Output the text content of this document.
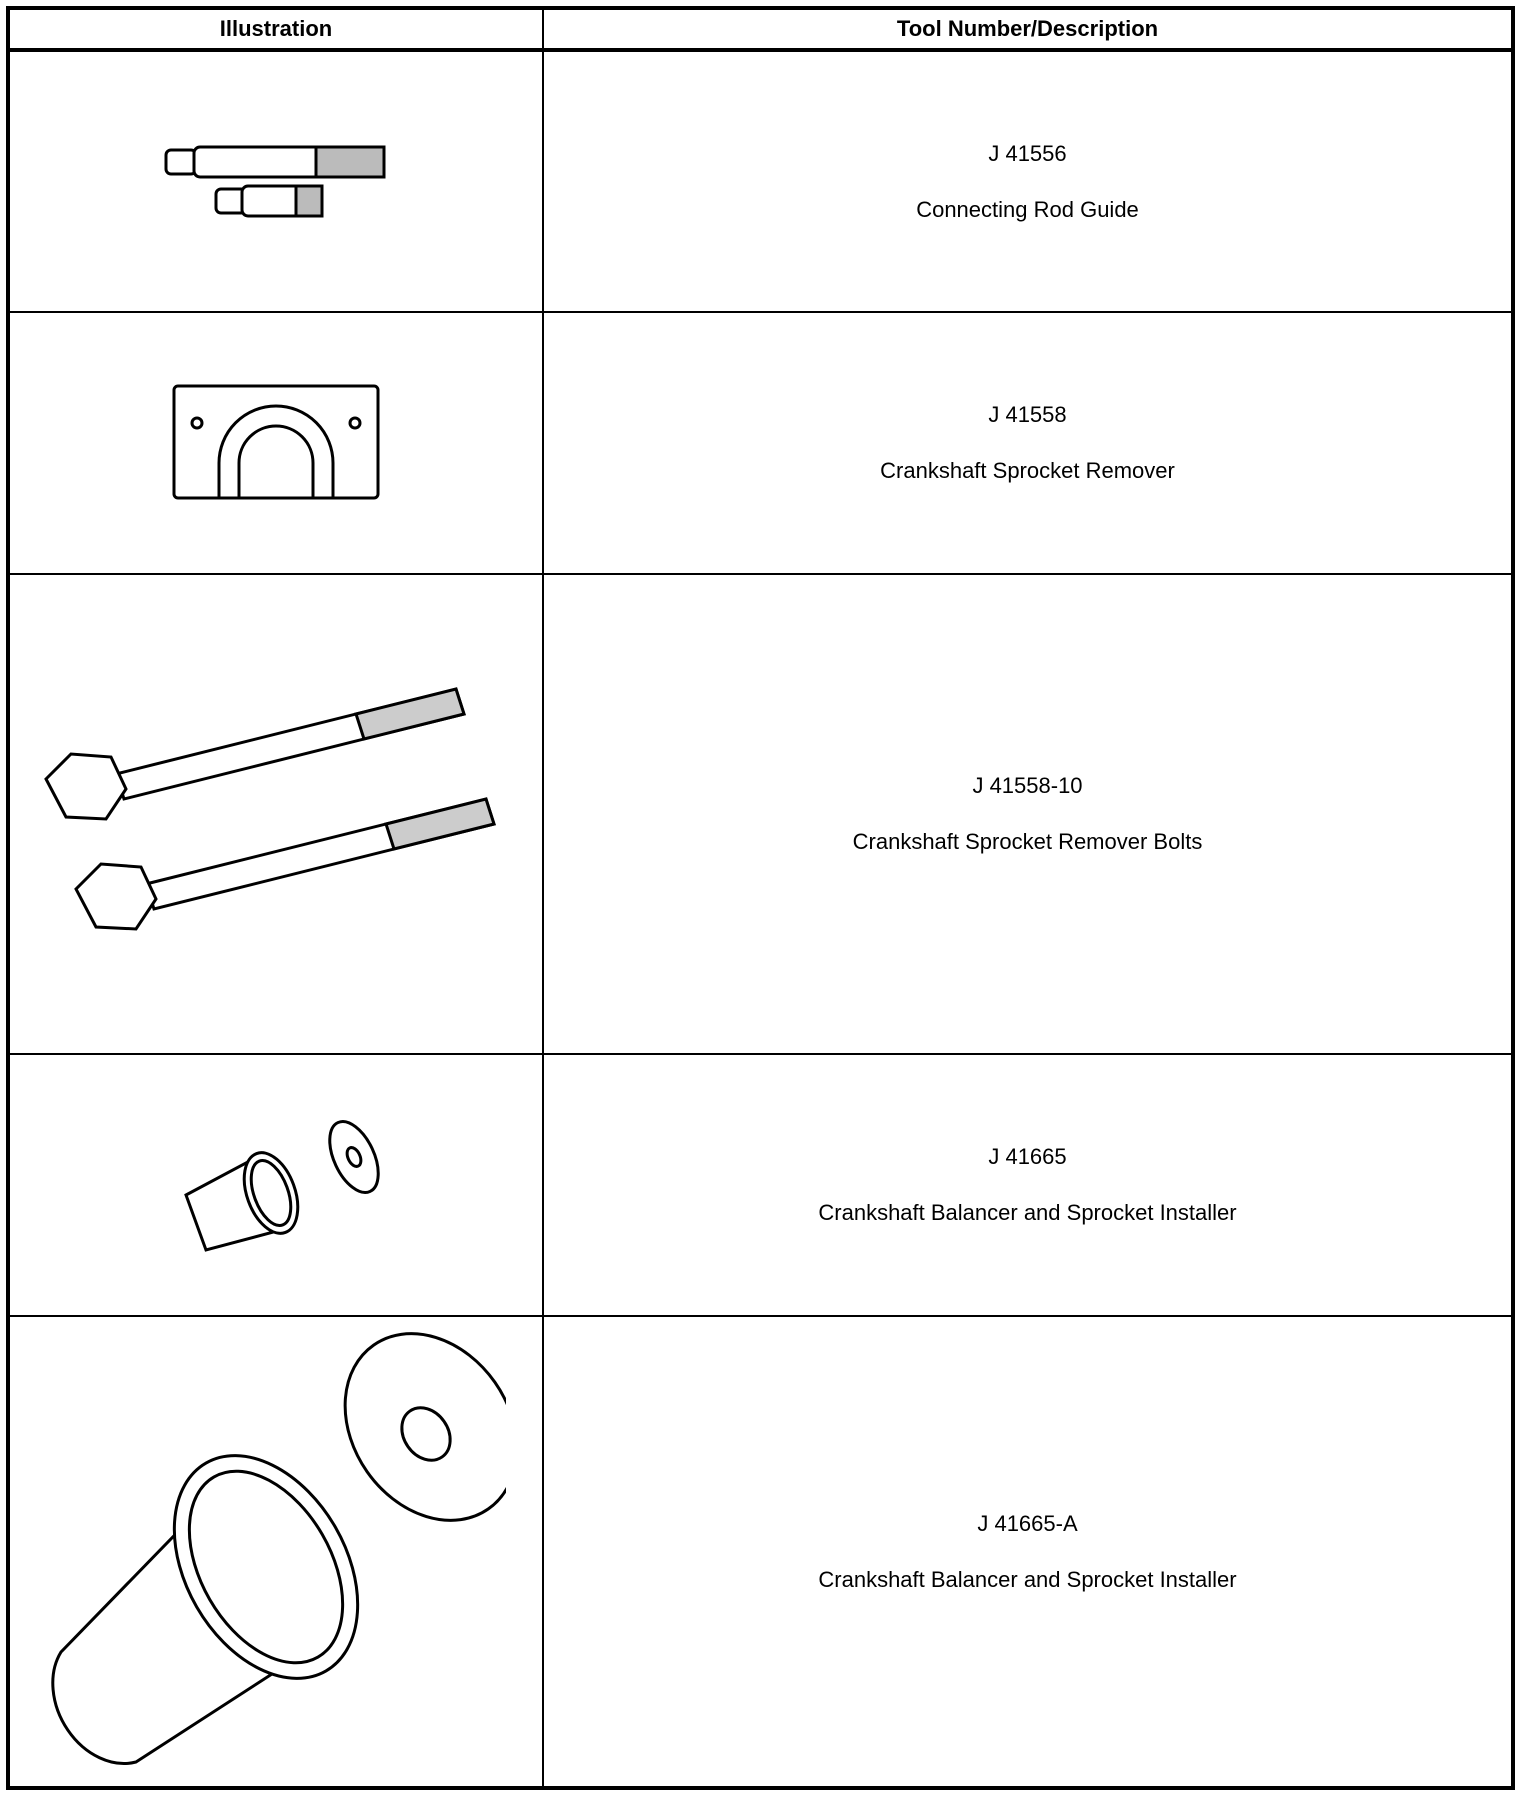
Illustration	Tool Number/Description

J 41556
Connecting Rod Guide

J 41558
Crankshaft Sprocket Remover

J 41558-10
Crankshaft Sprocket Remover Bolts

J 41665
Crankshaft Balancer and Sprocket Installer

J 41665-A
Crankshaft Balancer and Sprocket Installer
